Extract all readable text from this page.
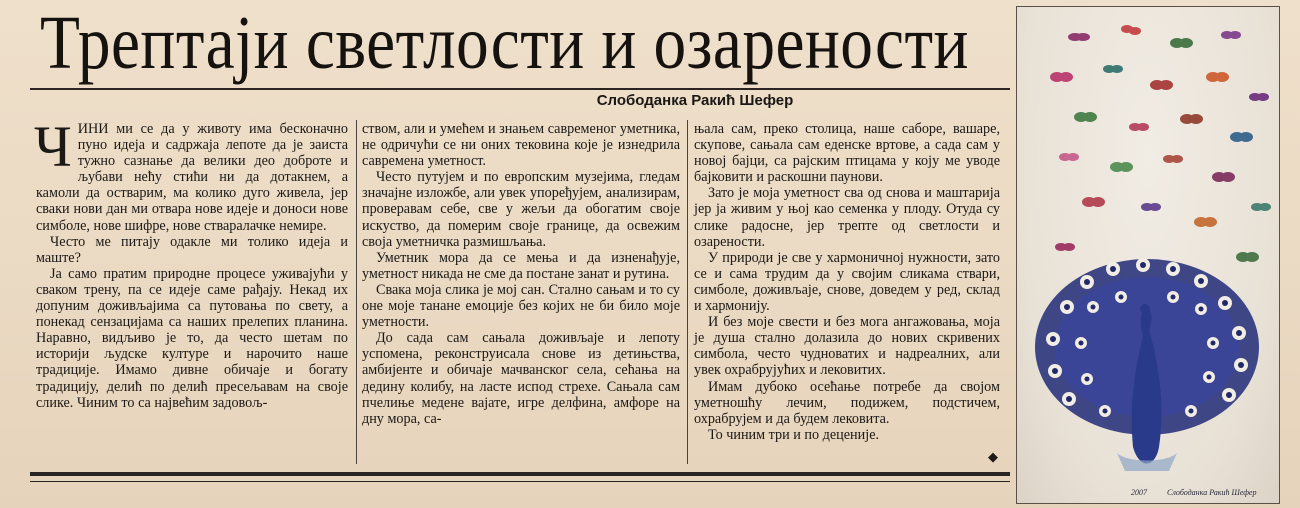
Трептаји светлости и озарености
Слободанка Ракић Шефер

ЧИНИ ми се да у животу има бесконачно пуно идеја и садржаја лепоте да је заиста тужно сазнање да велики део доброте и љубави нећу стићи ни да дотакнем, а камоли да остварим, ма колико дуго живела, јер сваки нови дан ми отвара нове идеје и доноси нове симболе, нове шифре, нове стваралачке немире.

Често ме питају одакле ми толико идеја и маште?

Ја само пратим природне процесе уживајући у сваком трену, па се идеје саме рађају. Некад их допуним доживљајима са путовања по свету, а понекад сензацијама са наших прелепих планина. Наравно, видљиво је то, да често шетам по историји људске културе и нарочито наше традиције. Имамо дивне обичаје и богату традицију, делић по делић пресељавам на своје слике. Чиним то са највећим задовољ-

ством, али и умећем и знањем савременог уметника, не одричући се ни оних тековина које је изнедрила савремена уметност.

Често путујем и по европским музејима, гледам значајне изложбе, али увек упоређујем, анализирам, проверавам себе, све у жељи да обогатим своје искуство, да померим своје границе, да освежим своја уметничка размишљања.

Уметник мора да се мења и да изненађује, уметност никада не сме да постане занат и рутина.

Свака моја слика је мој сан. Стално сањам и то су оне моје танане емоције без којих не би било моје уметности.

До сада сам сањала доживљаје и лепоту успомена, реконструисала снове из детињства, амбијенте и обичаје мачванског села, сећања на дедину колибу, на ласте испод стрехе. Сањала сам пчелиње медене вајате, игре делфина, амфоре на дну мора, са-

њала сам, преко столица, наше саборе, вашаре, скупове, сањала сам еденске вртове, а сада сам у новој бајци, са рајским птицама у коју ме уводе бајковити и раскошни паунови.

Зато је моја уметност сва од снова и маштарија јер ја живим у њој као семенка у плоду. Отуда су слике радосне, јер трепте од светлости и озарености.

У природи је све у хармоничној нужности, зато се и сама трудим да у својим сликама ствари, симболе, доживљаје, снове, доведем у ред, склад и хармонију.

И без моје свести и без мога ангажовања, моја је душа стално долазила до нових скривених симбола, често чудноватих и надреалних, али увек охрабрујућих и лековитих.

Имам дубоко осећање потребе да својом уметношћу лечим, подижем, подстичем, охрабрујем и да будем лековита.

То чиним три и по деценије.

◆
Слободанка Ракић Шефер
2007
